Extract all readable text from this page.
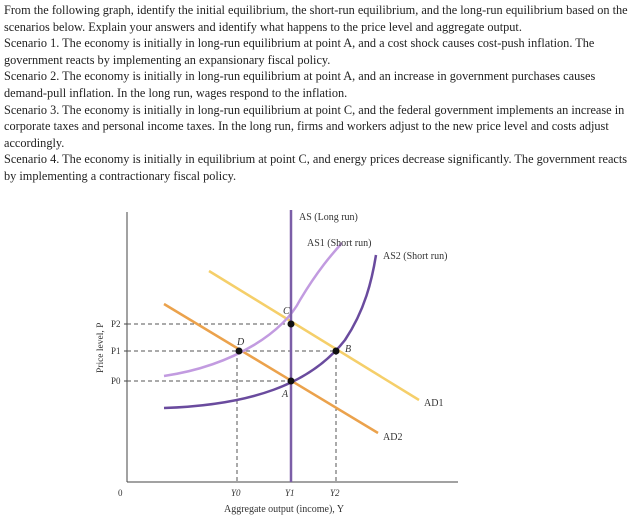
From the following graph, identify the initial equilibrium, the short-run equilibrium, and the long-run equilibrium based on the scenarios below. Explain your answers and identify what happens to the price level and aggregate output.

Scenario 1. The economy is initially in long-run equilibrium at point A, and a cost shock causes cost-push inflation. The government reacts by implementing an expansionary fiscal policy.

Scenario 2. The economy is initially in long-run equilibrium at point A, and an increase in government purchases causes demand-pull inflation. In the long run, wages respond to the inflation.

Scenario 3. The economy is initially in long-run equilibrium at point C, and the federal government implements an increase in corporate taxes and personal income taxes. In the long run, firms and workers adjust to the new price level and costs adjust accordingly.

Scenario 4. The economy is initially in equilibrium at point C, and energy prices decrease significantly. The government reacts by implementing a contractionary fiscal policy.

C
D
B
A
AS (Long run)
AS1 (Short run)
AS2 (Short run)
AD1
AD2
P2
P1
P0
0	Y0	Y1	Y2
Price level, P
Aggregate output (income), Y
